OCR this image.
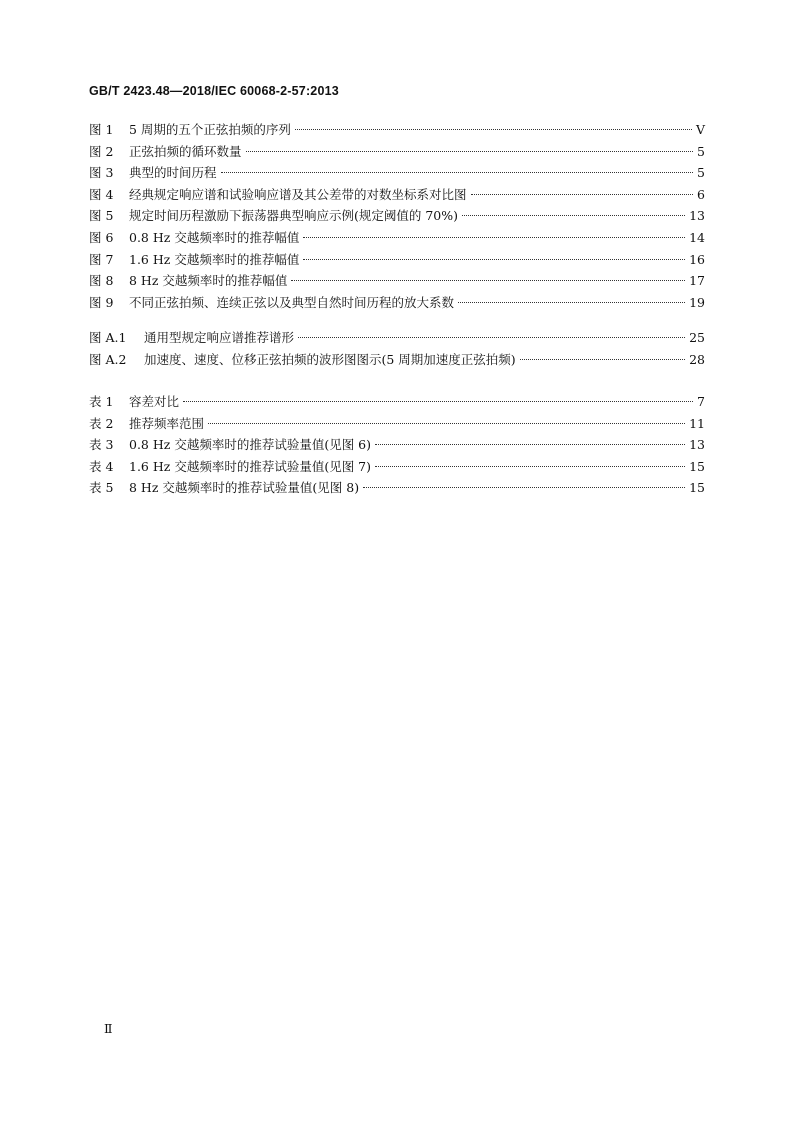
GB/T 2423.48—2018/IEC 60068-2-57:2013
图 1	5 周期的五个正弦拍频的序列	Ⅴ
图 2	正弦拍频的循环数量	5
图 3	典型的时间历程	5
图 4	经典规定响应谱和试验响应谱及其公差带的对数坐标系对比图	6
图 5	规定时间历程激励下振荡器典型响应示例(规定阈值的 70%)	13
图 6	0.8 Hz 交越频率时的推荐幅值	14
图 7	1.6 Hz 交越频率时的推荐幅值	16
图 8	8 Hz 交越频率时的推荐幅值	17
图 9	不同正弦拍频、连续正弦以及典型自然时间历程的放大系数	19
图 A.1	通用型规定响应谱推荐谱形	25
图 A.2	加速度、速度、位移正弦拍频的波形图图示(5 周期加速度正弦拍频)	28
表 1	容差对比	7
表 2	推荐频率范围	11
表 3	0.8 Hz 交越频率时的推荐试验量值(见图 6)	13
表 4	1.6 Hz 交越频率时的推荐试验量值(见图 7)	15
表 5	8 Hz 交越频率时的推荐试验量值(见图 8)	15
Ⅱ
